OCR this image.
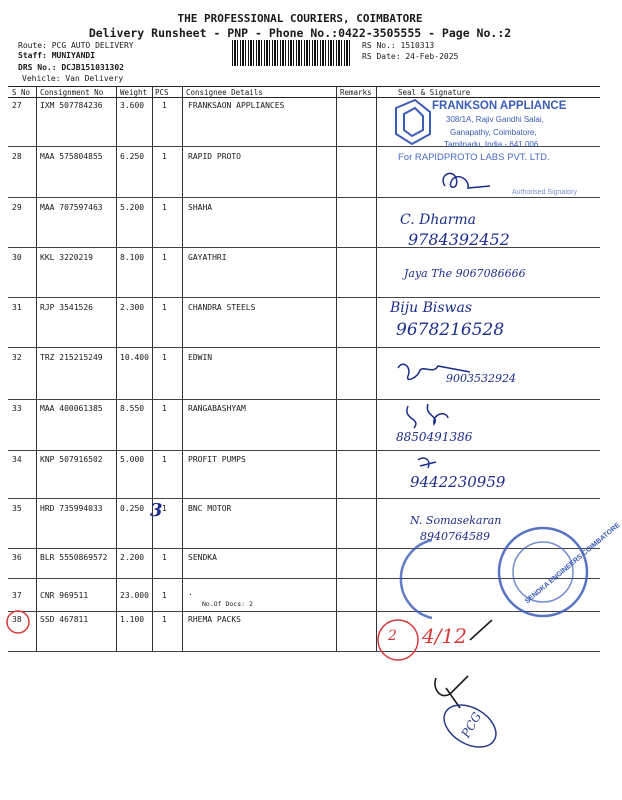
THE PROFESSIONAL COURIERS, COIMBATORE
Delivery Runsheet - PNP - Phone No.:0422-3505555 - Page No.:2
Route: PCG AUTO DELIVERY
Staff: MUNIYANDI
DRS No.: DCJB151031302
Vehicle: Van Delivery
RS No.: 1510313
RS Date: 24-Feb-2025
S No Consignment No Weight PCS Consignee Details	Remarks	Seal & Signature
27 IXM 507784236 3.600 1	FRANKSAON APPLIANCES
28 MAA 575804855 6.250 1	RAPID PROTO
29 MAA 707597463 5.200 1	SHAHA
30 KKL 3220219	8.100 1	GAYATHRI
31 RJP 3541526	2.300 1	CHANDRA STEELS
32 TRZ 215215249 10.400 1	EDWIN
33 MAA 400061385 8.550 1	RANGABASHYAM
34 KNP 507916502 5.000 1	PROFIT PUMPS
35 HRD 735994033 0.250 1	BNC MOTOR
36 BLR 5550869572 2.200 1	SENDKA
37 CNR 969511	23.000 1	.
No.Of Docs: 2
38 SSD 467811	1.100 1	RHEMA PACKS
FRANKSON APPLIANCE
308/1A, Rajiv Gandhi Salai,
Ganapathy, Coimbatore,
Tamilnadu, India - 641 006.
For RAPIDPROTO LABS PVT. LTD.
Authorised Signatory
C. Dharma
9784392452
Jaya The 9067086666
Biju Biswas
9678216528
9003532924
8850491386
9442230959
N. Somasekaran
3
8940764589	SENDKA ENGINEERS COIMBATORE
2 4/12
PCG
